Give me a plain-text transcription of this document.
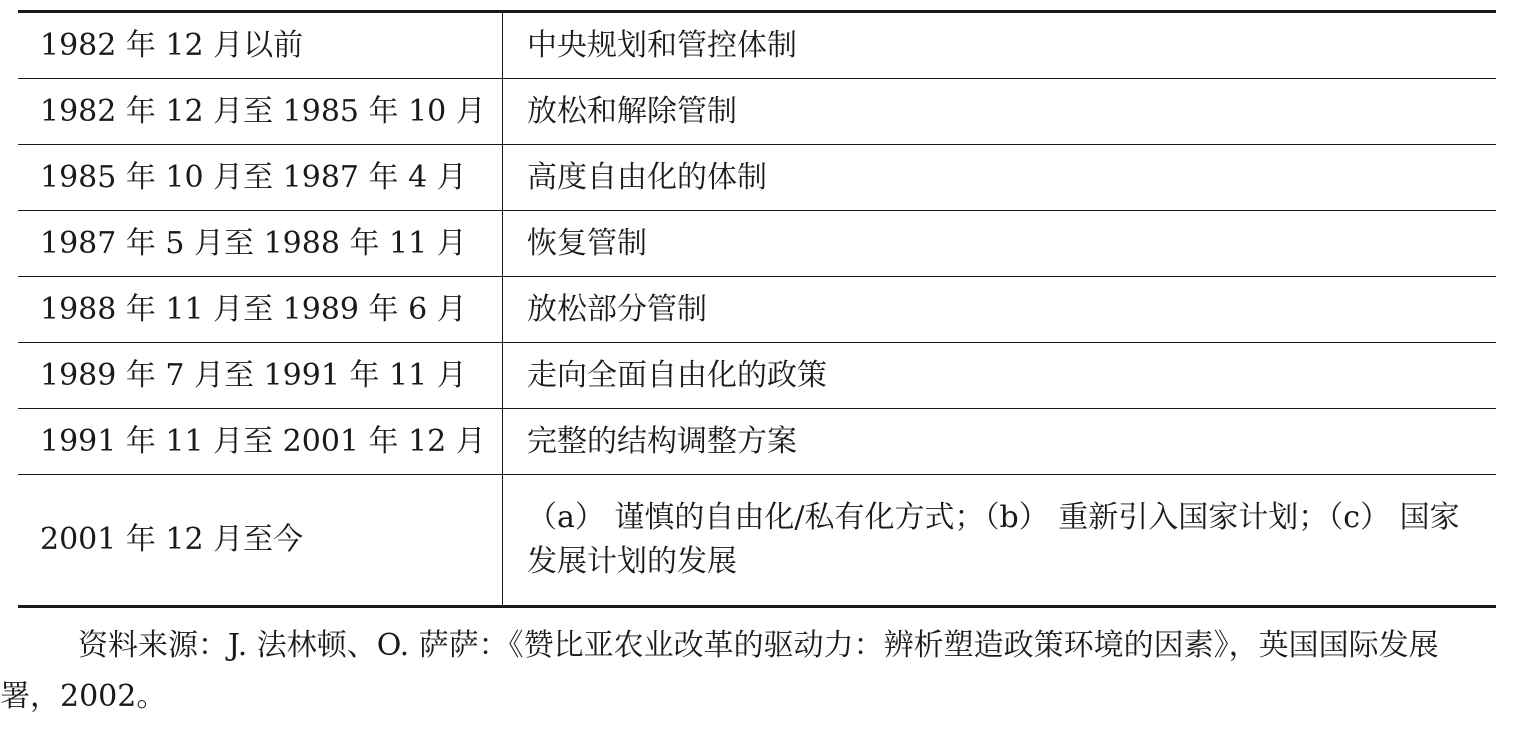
1982 年 12 月以前	中央规划和管控体制
1982 年 12 月至 1985 年 10 月	放松和解除管制
1985 年 10 月至 1987 年 4 月	高度自由化的体制
1987 年 5 月至 1988 年 11 月	恢复管制
1988 年 11 月至 1989 年 6 月	放松部分管制
1989 年 7 月至 1991 年 11 月	走向全面自由化的政策
1991 年 11 月至 2001 年 12 月	完整的结构调整方案
2001 年 12 月至今	（a） 谨慎的自由化/私有化方式；（b） 重新引入国家计划；（c） 国家发展计划的发展

资料来源：J. 法林顿、O. 萨萨：《赞比亚农业改革的驱动力：辨析塑造政策环境的因素》，英国国际发展署，2002。
